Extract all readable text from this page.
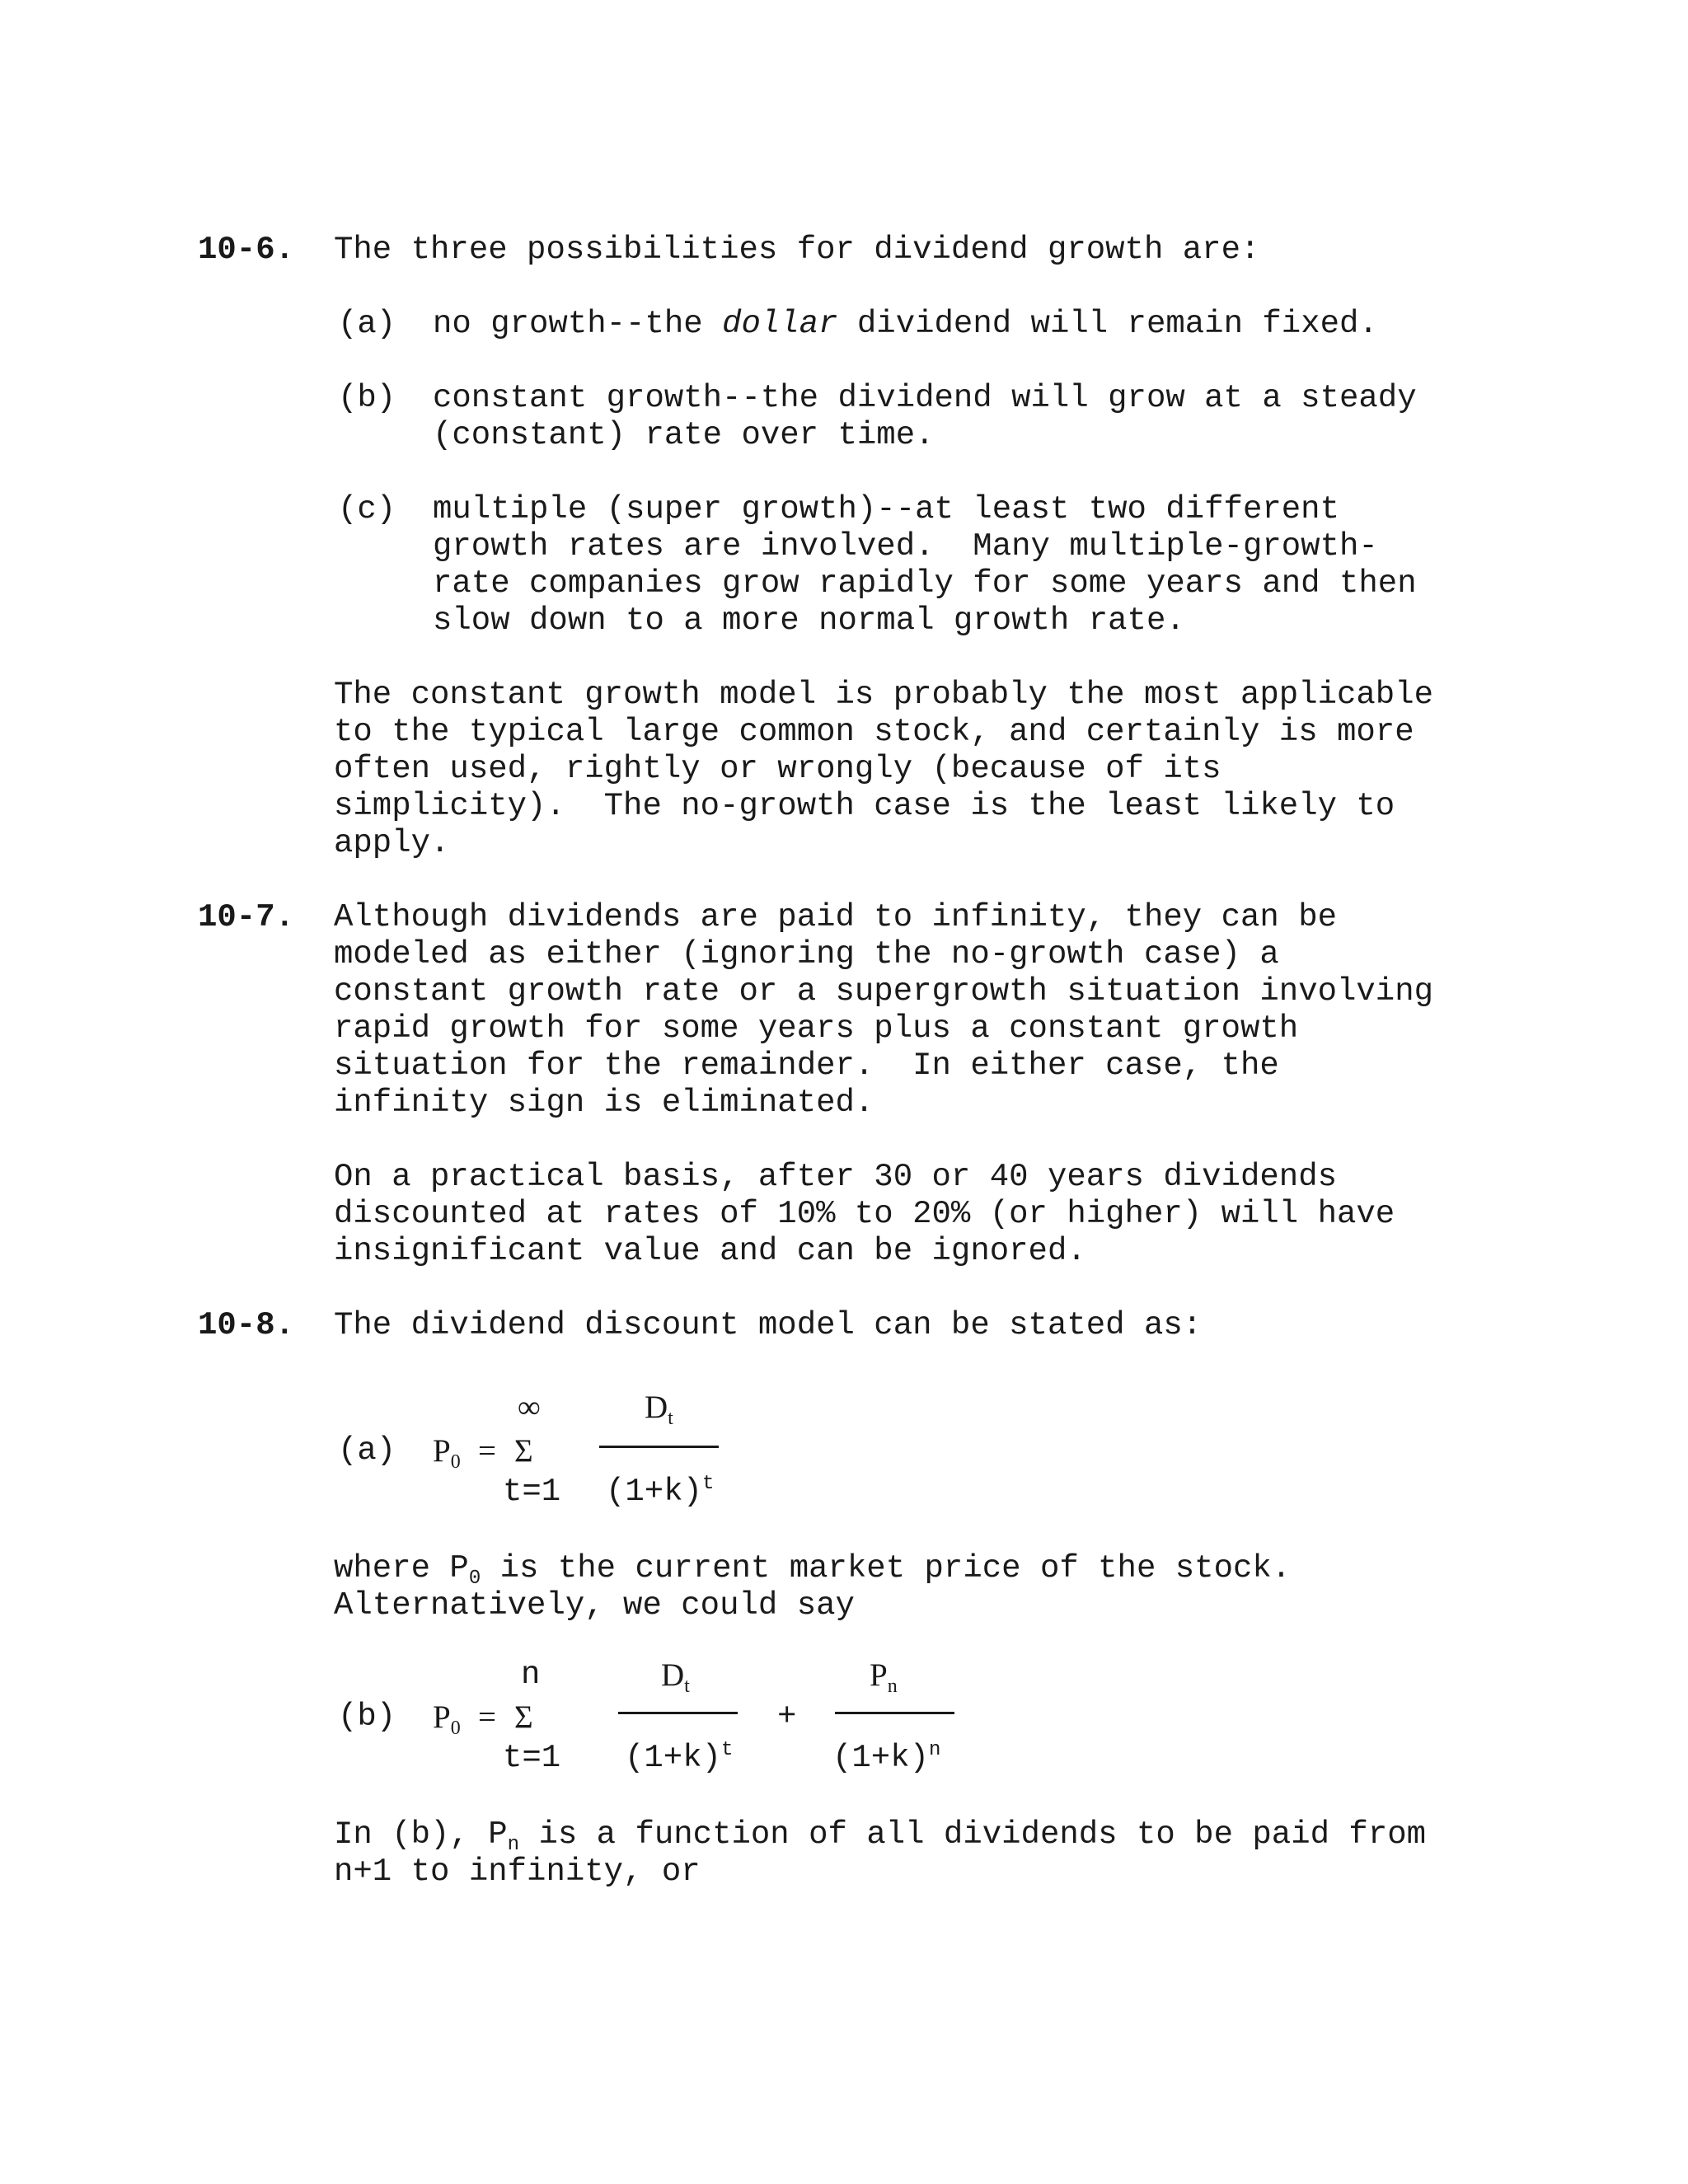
10-6. The three possibilities for dividend growth are:
(a) no growth--the dollar dividend will remain fixed.
(b) constant growth--the dividend will grow at a steady
(constant) rate over time.
(c) multiple (super growth)--at least two different
growth rates are involved.  Many multiple-growth-
rate companies grow rapidly for some years and then
slow down to a more normal growth rate.
The constant growth model is probably the most applicable
to the typical large common stock, and certainly is more
often used, rightly or wrongly (because of its
simplicity).  The no-growth case is the least likely to
apply.
10-7. Although dividends are paid to infinity, they can be
modeled as either (ignoring the no-growth case) a
constant growth rate or a supergrowth situation involving
rapid growth for some years plus a constant growth
situation for the remainder.  In either case, the
infinity sign is eliminated.
On a practical basis, after 30 or 40 years dividends
discounted at rates of 10% to 20% (or higher) will have
insignificant value and can be ignored.
10-8. The dividend discount model can be stated as:
(a) $P_0 = \Sigma$
∞
t=1
$D_t$
$(1+k)^t$
where $P_0$ is the current market price of the stock.
Alternatively, we could say
(b) $P_0 = \Sigma$
n
t=1
$D_t$
$(1+k)^t$
+
$P_n$
$(1+k)^n$
In (b), $P_n$ is a function of all dividends to be paid from
n+1 to infinity, or
